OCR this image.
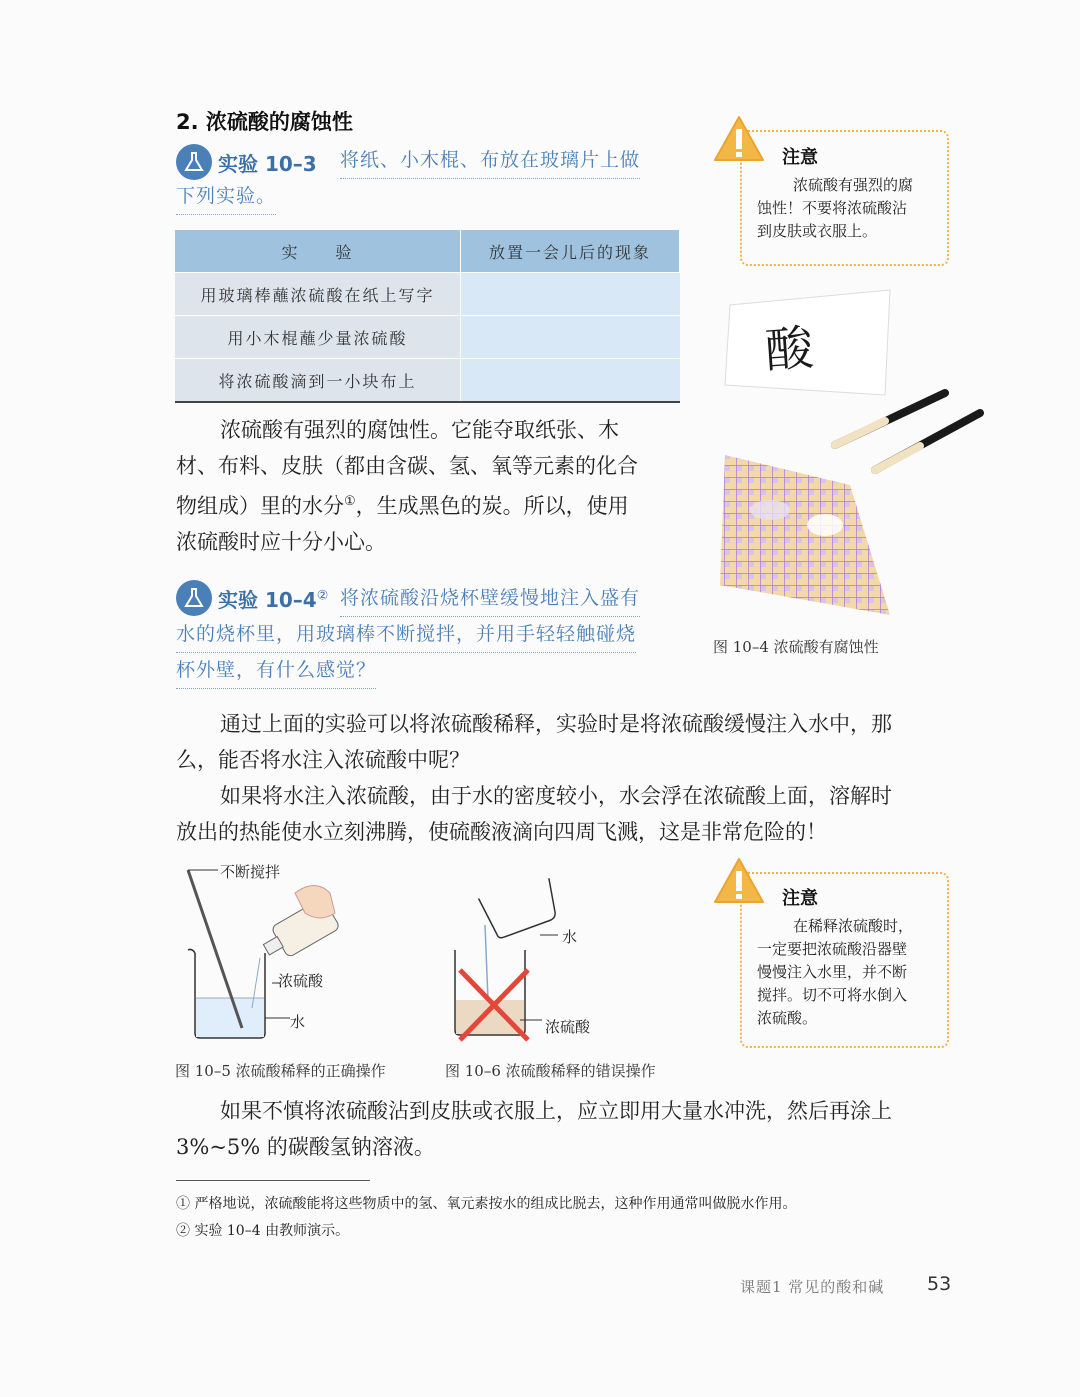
2. 浓硫酸的腐蚀性
实验 10–3 将纸、小木棍、布放在玻璃片上做
下列实验。
实　　验	放置一会儿后的现象
用玻璃棒蘸浓硫酸在纸上写字	
用小木棍蘸少量浓硫酸	
将浓硫酸滴到一小块布上	
浓硫酸有强烈的腐蚀性。它能夺取纸张、木
材、布料、皮肤（都由含碳、氢、氧等元素的化合
物组成）里的水分①，生成黑色的炭。所以，使用
浓硫酸时应十分小心。
实验 10–4② 将浓硫酸沿烧杯壁缓慢地注入盛有
水的烧杯里，用玻璃棒不断搅拌，并用手轻轻触碰烧
杯外壁，有什么感觉？
注意
浓硫酸有强烈的腐
蚀性！不要将浓硫酸沾
到皮肤或衣服上。
酸
图 10–4 浓硫酸有腐蚀性
通过上面的实验可以将浓硫酸稀释，实验时是将浓硫酸缓慢注入水中，那
么，能否将水注入浓硫酸中呢？
如果将水注入浓硫酸，由于水的密度较小，水会浮在浓硫酸上面，溶解时
放出的热能使水立刻沸腾，使硫酸液滴向四周飞溅，这是非常危险的！
不断搅拌
浓硫酸
水
图 10–5 浓硫酸稀释的正确操作
水
浓硫酸
图 10–6 浓硫酸稀释的错误操作
注意
在稀释浓硫酸时，
一定要把浓硫酸沿器壁
慢慢注入水里，并不断
搅拌。切不可将水倒入
浓硫酸。
如果不慎将浓硫酸沾到皮肤或衣服上，应立即用大量水冲洗，然后再涂上
3%~5% 的碳酸氢钠溶液。
① 严格地说，浓硫酸能将这些物质中的氢、氧元素按水的组成比脱去，这种作用通常叫做脱水作用。
② 实验 10–4 由教师演示。
课题1 常见的酸和碱 53
